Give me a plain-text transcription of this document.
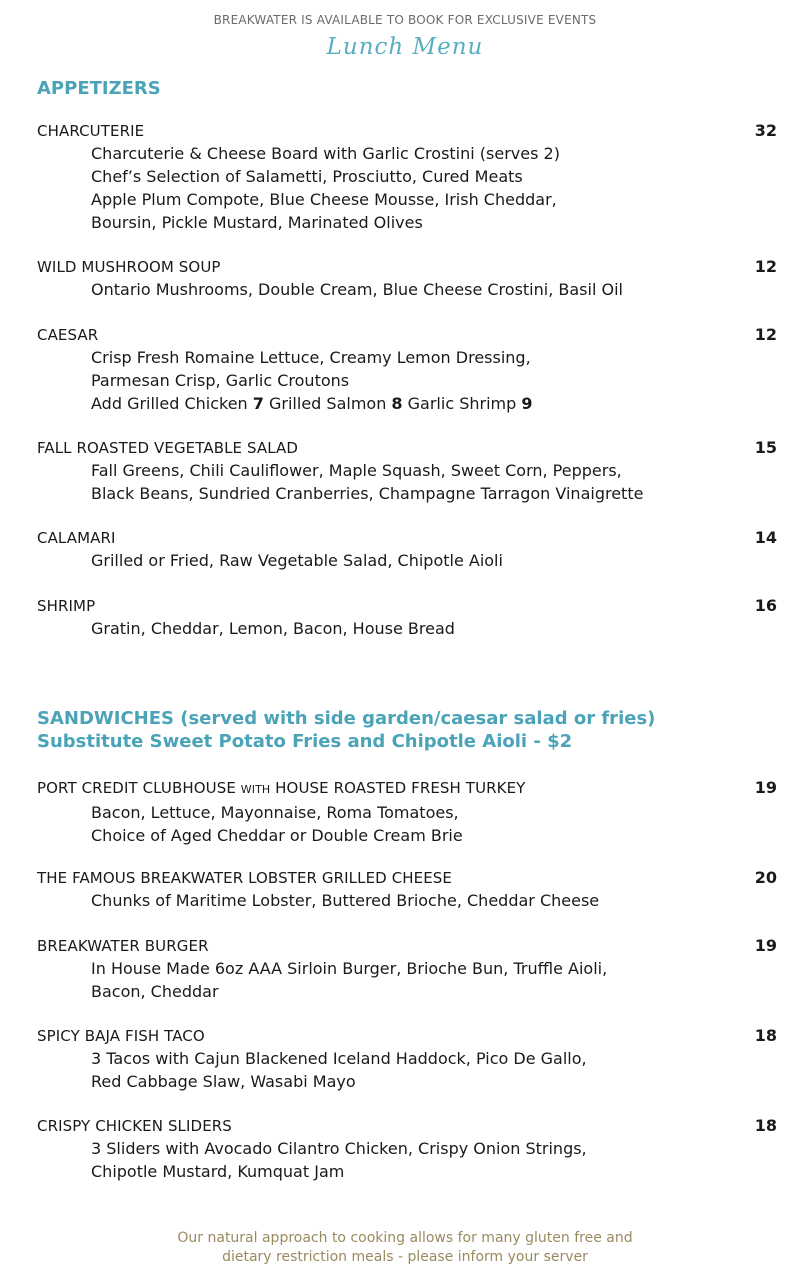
BREAKWATER IS AVAILABLE TO BOOK FOR EXCLUSIVE EVENTS
Lunch Menu
APPETIZERS
CHARCUTERIE	32
Charcuterie & Cheese Board with Garlic Crostini (serves 2)
Chef’s Selection of Salametti, Prosciutto, Cured Meats
Apple Plum Compote, Blue Cheese Mousse, Irish Cheddar,
Boursin, Pickle Mustard, Marinated Olives
WILD MUSHROOM SOUP	12
Ontario Mushrooms, Double Cream, Blue Cheese Crostini, Basil Oil
CAESAR	12
Crisp Fresh Romaine Lettuce, Creamy Lemon Dressing,
Parmesan Crisp, Garlic Croutons
Add Grilled Chicken 7 Grilled Salmon 8 Garlic Shrimp 9
FALL ROASTED VEGETABLE SALAD	15
Fall Greens, Chili Cauliflower, Maple Squash, Sweet Corn, Peppers,
Black Beans, Sundried Cranberries, Champagne Tarragon Vinaigrette
CALAMARI	14
Grilled or Fried, Raw Vegetable Salad, Chipotle Aioli
SHRIMP	16
Gratin, Cheddar, Lemon, Bacon, House Bread
SANDWICHES (served with side garden/caesar salad or fries)
Substitute Sweet Potato Fries and Chipotle Aioli - $2
PORT CREDIT CLUBHOUSE WITH HOUSE ROASTED FRESH TURKEY	19
Bacon, Lettuce, Mayonnaise, Roma Tomatoes,
Choice of Aged Cheddar or Double Cream Brie
THE FAMOUS BREAKWATER LOBSTER GRILLED CHEESE	20
Chunks of Maritime Lobster, Buttered Brioche, Cheddar Cheese
BREAKWATER BURGER	19
In House Made 6oz AAA Sirloin Burger, Brioche Bun, Truffle Aioli,
Bacon, Cheddar
SPICY BAJA FISH TACO	18
3 Tacos with Cajun Blackened Iceland Haddock, Pico De Gallo,
Red Cabbage Slaw, Wasabi Mayo
CRISPY CHICKEN SLIDERS	18
3 Sliders with Avocado Cilantro Chicken, Crispy Onion Strings,
Chipotle Mustard, Kumquat Jam
Our natural approach to cooking allows for many gluten free and
dietary restriction meals - please inform your server
